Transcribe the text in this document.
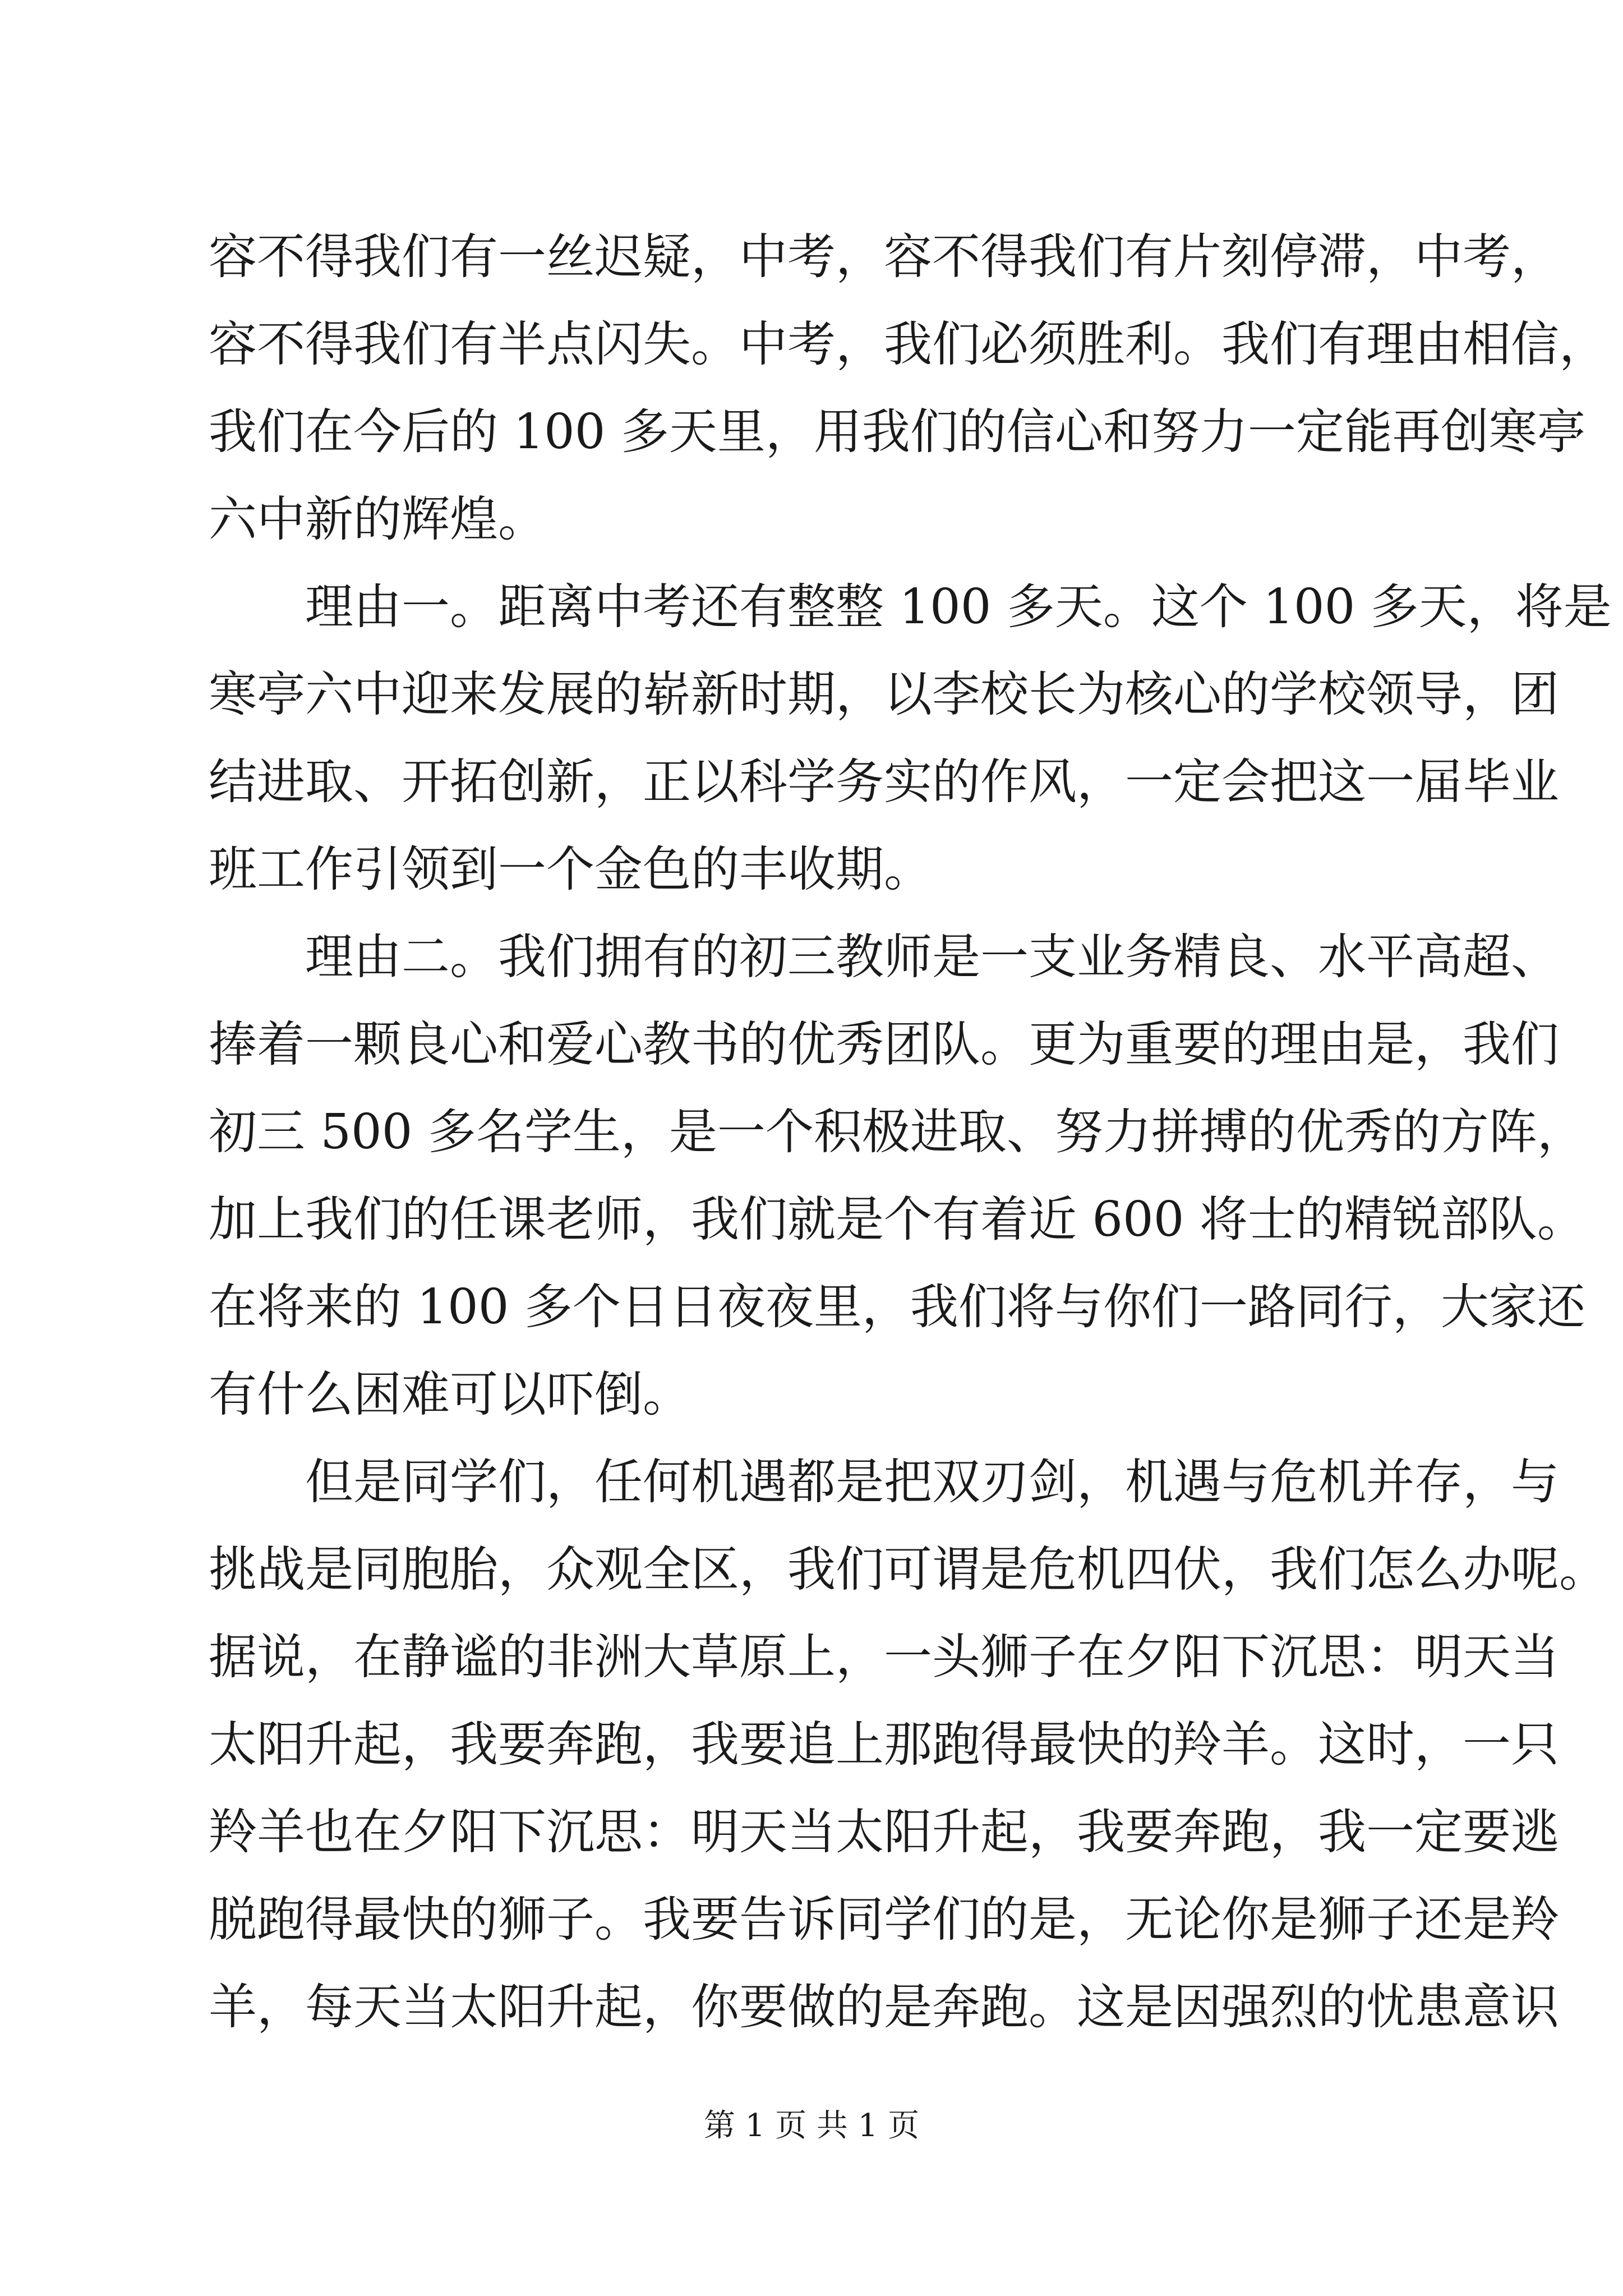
容不得我们有一丝迟疑，中考，容不得我们有片刻停滞，中考，
容不得我们有半点闪失。中考，我们必须胜利。我们有理由相信，
我们在今后的 100 多天里，用我们的信心和努力一定能再创寒亭
六中新的辉煌。
理由一。距离中考还有整整 100 多天。这个 100 多天，将是
寒亭六中迎来发展的崭新时期，以李校长为核心的学校领导，团
结进取、开拓创新，正以科学务实的作风，一定会把这一届毕业
班工作引领到一个金色的丰收期。
理由二。我们拥有的初三教师是一支业务精良、水平高超、
捧着一颗良心和爱心教书的优秀团队。更为重要的理由是，我们
初三 500 多名学生，是一个积极进取、努力拼搏的优秀的方阵，
加上我们的任课老师，我们就是个有着近 600 将士的精锐部队。
在将来的 100 多个日日夜夜里，我们将与你们一路同行，大家还
有什么困难可以吓倒。
但是同学们，任何机遇都是把双刃剑，机遇与危机并存，与
挑战是同胞胎，众观全区，我们可谓是危机四伏，我们怎么办呢。
据说，在静谧的非洲大草原上，一头狮子在夕阳下沉思：明天当
太阳升起，我要奔跑，我要追上那跑得最快的羚羊。这时，一只
羚羊也在夕阳下沉思：明天当太阳升起，我要奔跑，我一定要逃
脱跑得最快的狮子。我要告诉同学们的是，无论你是狮子还是羚
羊，每天当太阳升起，你要做的是奔跑。这是因强烈的忧患意识
第 1 页 共 1 页
